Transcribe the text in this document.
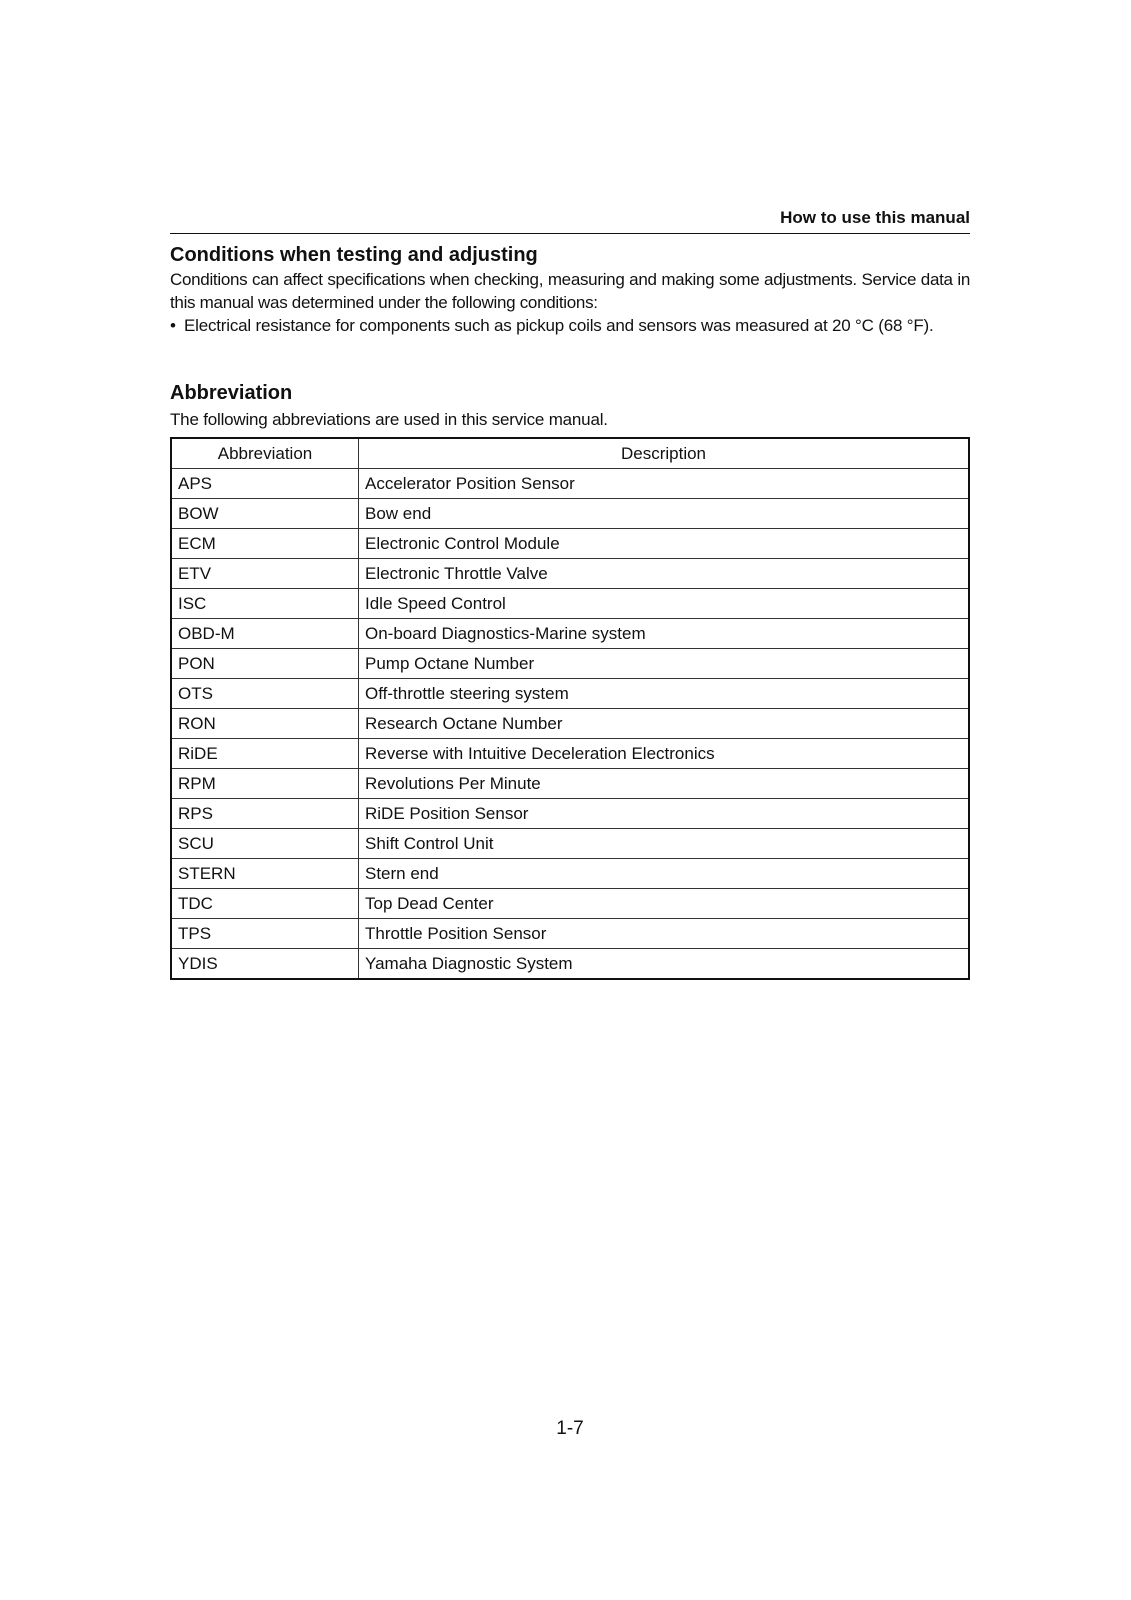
How to use this manual
Conditions when testing and adjusting

Conditions can affect specifications when checking, measuring and making some adjustments. Service data in this manual was determined under the following conditions:

• Electrical resistance for components such as pickup coils and sensors was measured at 20 °C (68 °F).
Abbreviation

The following abbreviations are used in this service manual.

Abbreviation	Description
APS	Accelerator Position Sensor
BOW	Bow end
ECM	Electronic Control Module
ETV	Electronic Throttle Valve
ISC	Idle Speed Control
OBD-M	On-board Diagnostics-Marine system
PON	Pump Octane Number
OTS	Off-throttle steering system
RON	Research Octane Number
RiDE	Reverse with Intuitive Deceleration Electronics
RPM	Revolutions Per Minute
RPS	RiDE Position Sensor
SCU	Shift Control Unit
STERN	Stern end
TDC	Top Dead Center
TPS	Throttle Position Sensor
YDIS	Yamaha Diagnostic System
1-7
